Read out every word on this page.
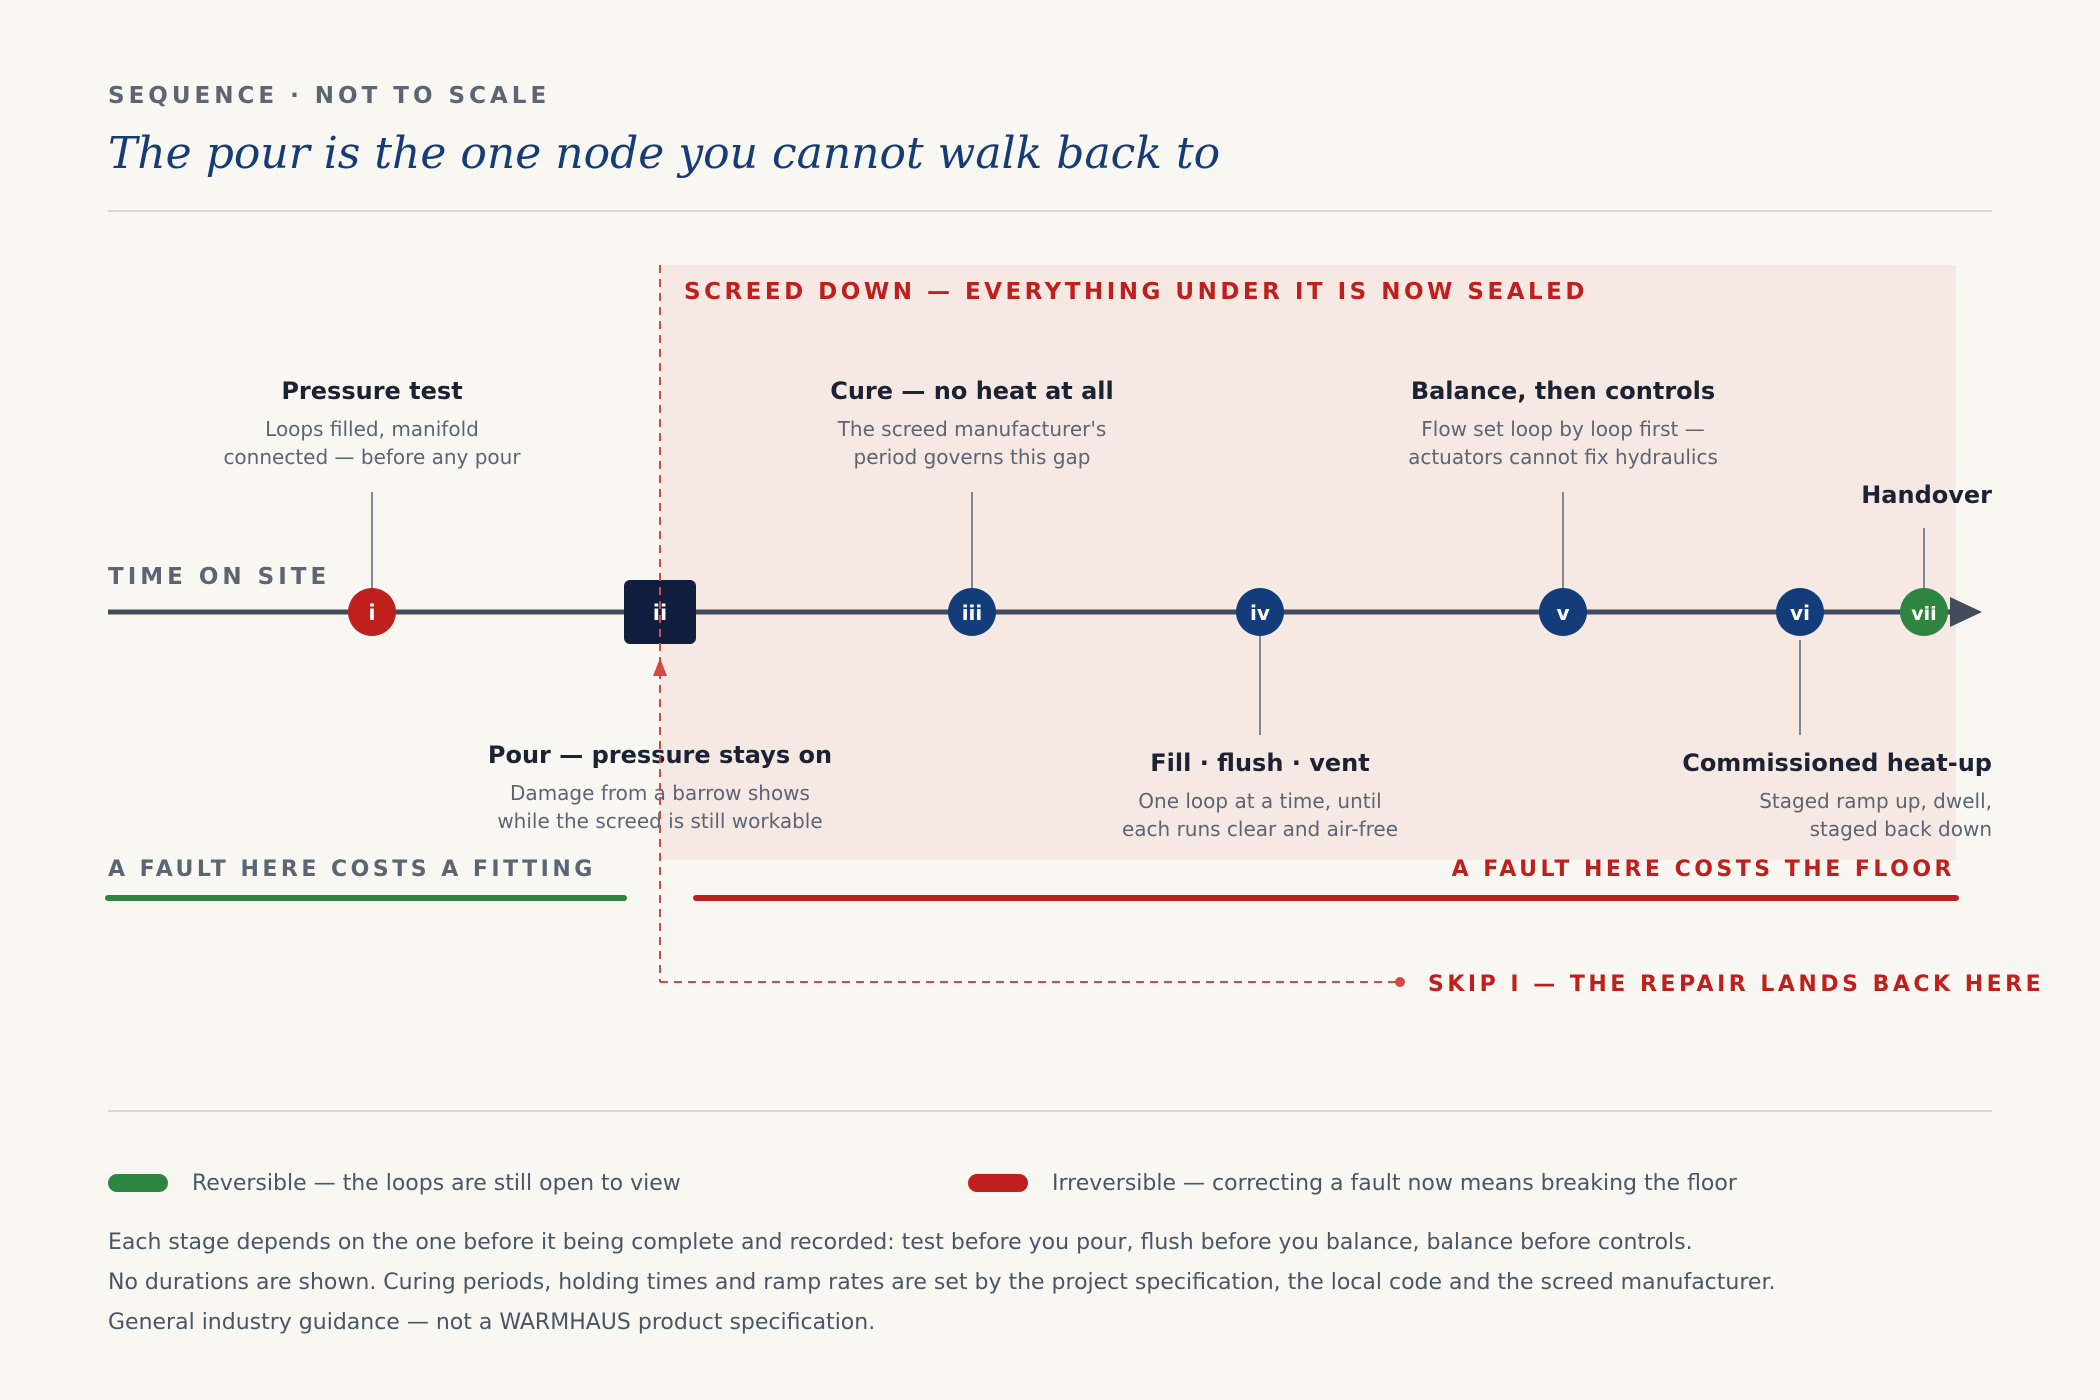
SCREED DOWN — EVERYTHING UNDER IT IS NOW SEALED
TIME ON SITE
i	ii	iii	iv	v	vi	vii
Pressure test
Loops filled, manifold
connected — before any pour
Cure — no heat at all
The screed manufacturer's
period governs this gap
Balance, then controls
Flow set loop by loop first —
actuators cannot fix hydraulics
Handover
Pour — pressure stays on
Damage from a barrow shows
while the screed is still workable
Fill · flush · vent
One loop at a time, until
each runs clear and air-free
Commissioned heat-up
Staged ramp up, dwell,
staged back down
SKIP I — THE REPAIR LANDS BACK HERE
A FAULT HERE COSTS A FITTING	A FAULT HERE COSTS THE FLOOR
SEQUENCE · NOT TO SCALE
The pour is the one node you cannot walk back to
Reversible — the loops are still open to view	Irreversible — correcting a fault now means breaking the floor
Each stage depends on the one before it being complete and recorded: test before you pour, flush before you balance, balance before controls.
No durations are shown. Curing periods, holding times and ramp rates are set by the project specification, the local code and the screed manufacturer.
General industry guidance — not a WARMHAUS product specification.
